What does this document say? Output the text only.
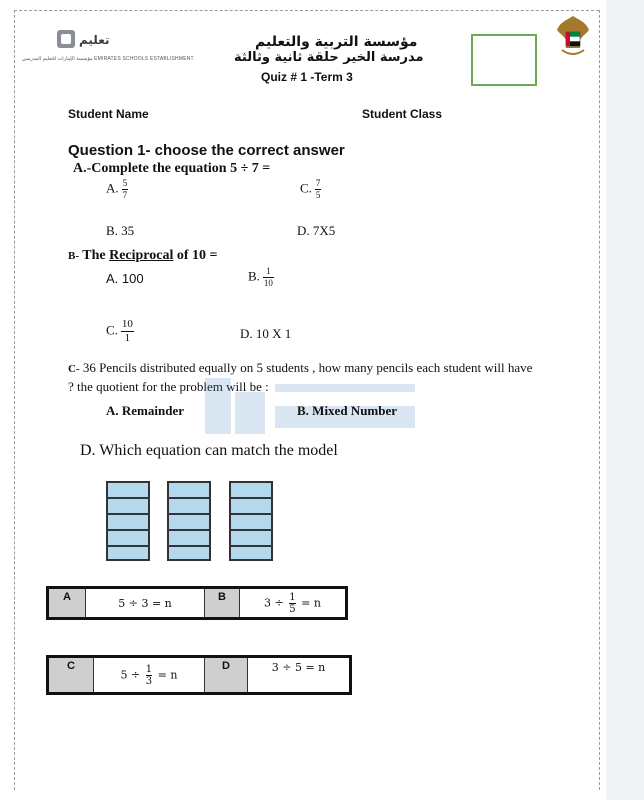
تعليم
مؤسسة الإمارات للتعليم المدرسي EMIRATES SCHOOLS ESTABLISHMENT
مؤسسة التربية والتعليم
مدرسة الخير حلقة ثانية وثالثة
Quiz # 1 -Term 3
Student Name	Student Class
Question 1- choose the correct answer
A.-Complete the equation 5 ÷ 7 =
A. $\frac{5}{7}$	C. $\frac{7}{5}$
B. 35	D. 7X5
B- The Reciprocal of 10 =
A. 100	B. $\frac{1}{10}$
C. $\frac{10}{1}$	D. 10 X 1
C- 36 Pencils distributed equally on 5 students , how many pencils each student will have ? the quotient for the problem will be :
A. Remainder	B. Mixed Number
D. Which equation can match the model
A	5 ÷ 3 = n	B	$3 \div \frac{1}{5} = n$
C	$5 \div \frac{1}{3} = n$	D	3 ÷ 5 = n
